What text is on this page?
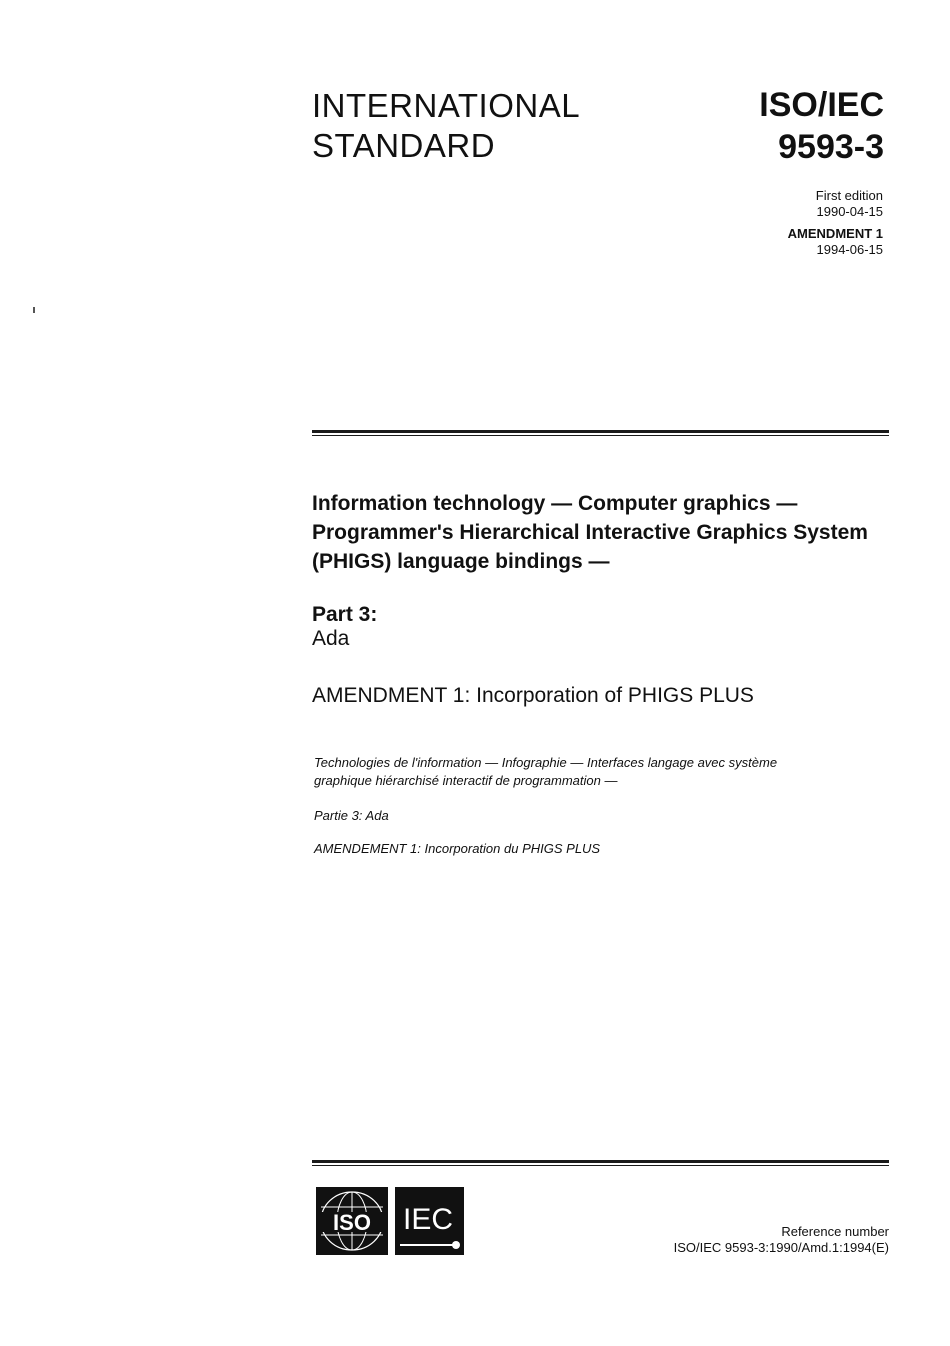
INTERNATIONAL
STANDARD
ISO/IEC
9593-3
First edition
1990-04-15
AMENDMENT 1
1994-06-15
Information technology — Computer graphics —
Programmer's Hierarchical Interactive Graphics System
(PHIGS) language bindings —
Part 3:
Ada
AMENDMENT 1: Incorporation of PHIGS PLUS
Technologies de l'information — Infographie — Interfaces langage avec système
graphique hiérarchisé interactif de programmation —
Partie 3: Ada
AMENDEMENT 1: Incorporation du PHIGS PLUS
ISO IEC	Reference number
ISO/IEC 9593-3:1990/Amd.1:1994(E)
